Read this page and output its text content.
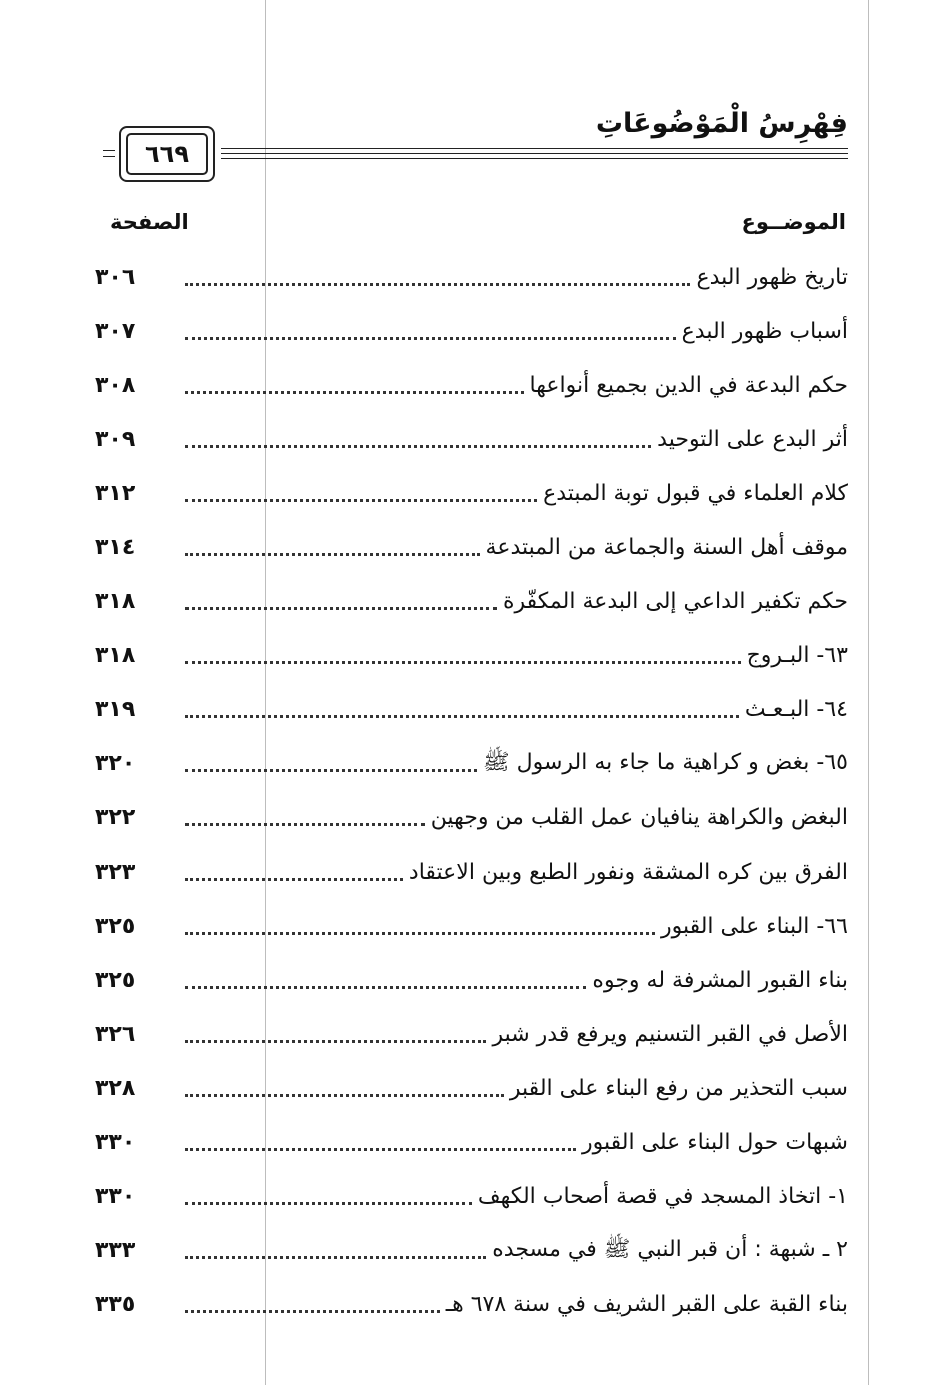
فِهْرِسُ الْمَوْضُوعَاتِ
٦٦٩
الموضــوع
الصفحة
تاريخ ظهور البدع
٣٠٦
أسباب ظهور البدع
٣٠٧
حكم البدعة في الدين بجميع أنواعها
٣٠٨
أثر البدع على التوحيد
٣٠٩
كلام العلماء في قبول توبة المبتدع
٣١٢
موقف أهل السنة والجماعة من المبتدعة
٣١٤
حكم تكفير الداعي إلى البدعة المكفّرة
٣١٨
٦٣- البـروج
٣١٨
٦٤- البـعـث
٣١٩
٦٥- بغض و كراهية ما جاء به الرسول ﷺ
٣٢٠
البغض والكراهة ينافيان عمل القلب من وجهين
٣٢٢
الفرق بين كره المشقة ونفور الطبع وبين الاعتقاد
٣٢٣
٦٦- البناء على القبور
٣٢٥
بناء القبور المشرفة له وجوه
٣٢٥
الأصل في القبر التسنيم ويرفع قدر شبر
٣٢٦
سبب التحذير من رفع البناء على القبر
٣٢٨
شبهات حول البناء على القبور
٣٣٠
١- اتخاذ المسجد في قصة أصحاب الكهف
٣٣٠
٢ ـ شبهة : أن قبر النبي ﷺ في مسجده
٣٣٣
بناء القبة على القبر الشريف في سنة ٦٧٨ هـ
٣٣٥
